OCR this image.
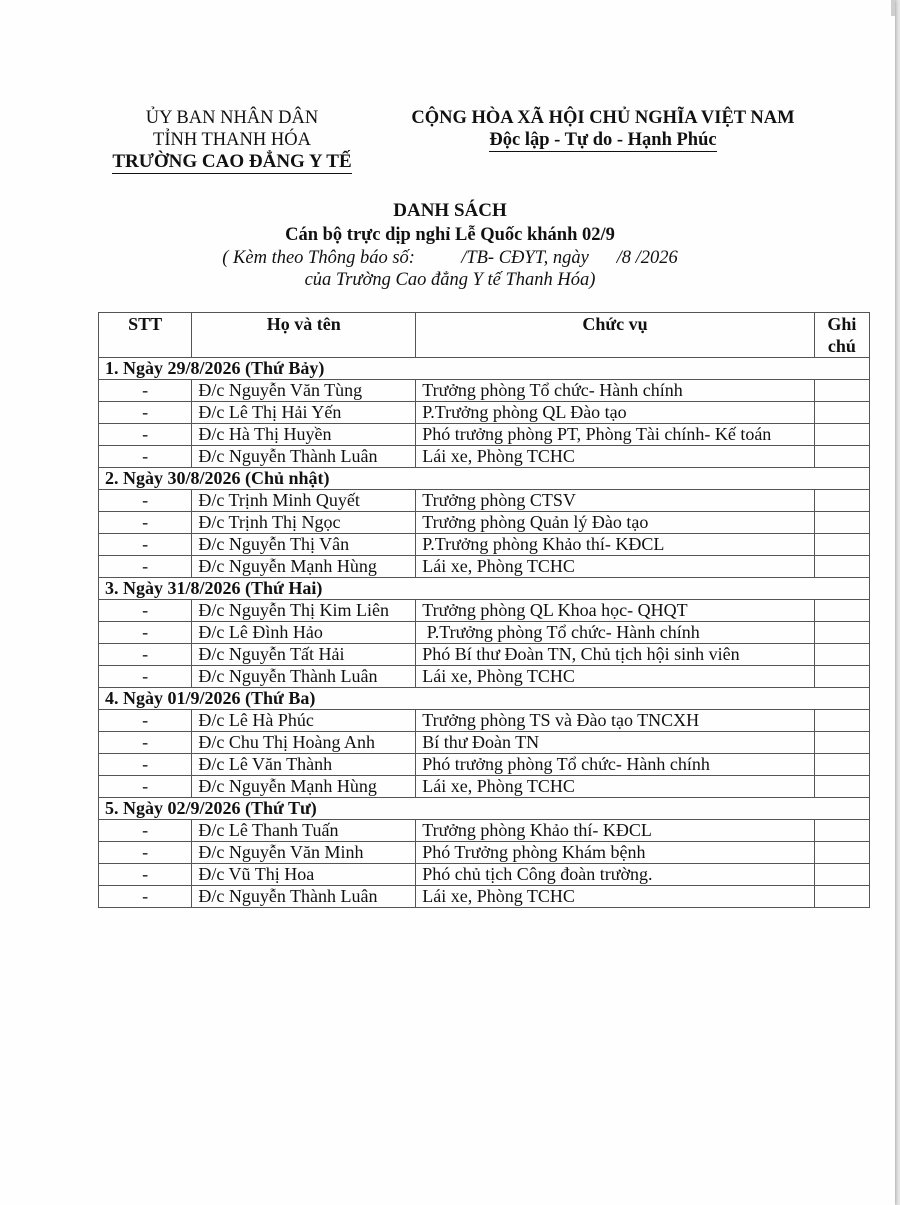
ỦY BAN NHÂN DÂN
TỈNH THANH HÓA
TRƯỜNG CAO ĐẲNG Y TẾ
CỘNG HÒA XÃ HỘI CHỦ NGHĨA VIỆT NAM
Độc lập - Tự do - Hạnh Phúc
DANH SÁCH
Cán bộ trực dịp nghỉ Lễ Quốc khánh 02/9
( Kèm theo Thông báo số:          /TB- CĐYT, ngày      /8 /2026
của Trường Cao đẳng Y tế Thanh Hóa)
STT	Họ và tên	Chức vụ	Ghi chú
1. Ngày 29/8/2026 (Thứ Bảy)			
-	Đ/c Nguyễn Văn Tùng	Trưởng phòng Tổ chức- Hành chính	
-	Đ/c Lê Thị Hải Yến	P.Trưởng phòng QL Đào tạo	
-	Đ/c Hà Thị Huyền	Phó trưởng phòng PT, Phòng Tài chính- Kế toán	
-	Đ/c Nguyễn Thành Luân	Lái xe, Phòng TCHC	
2. Ngày 30/8/2026 (Chủ nhật)			
-	Đ/c Trịnh Minh Quyết	Trưởng phòng CTSV	
-	Đ/c Trịnh Thị Ngọc	Trưởng phòng Quản lý Đào tạo	
-	Đ/c Nguyễn Thị Vân	P.Trưởng phòng Khảo thí- KĐCL	
-	Đ/c Nguyễn Mạnh Hùng	Lái xe, Phòng TCHC	
3. Ngày 31/8/2026 (Thứ Hai)			
-	Đ/c Nguyễn Thị Kim Liên	Trưởng phòng QL Khoa học- QHQT	
-	Đ/c Lê Đình Hảo	P.Trưởng phòng Tổ chức- Hành chính	
-	Đ/c Nguyễn Tất Hải	Phó Bí thư Đoàn TN, Chủ tịch hội sinh viên	
-	Đ/c Nguyễn Thành Luân	Lái xe, Phòng TCHC	
4. Ngày 01/9/2026 (Thứ Ba)			
-	Đ/c Lê Hà Phúc	Trưởng phòng TS và Đào tạo TNCXH	
-	Đ/c Chu Thị Hoàng Anh	Bí thư Đoàn TN	
-	Đ/c Lê Văn Thành	Phó trưởng phòng Tổ chức- Hành chính	
-	Đ/c Nguyễn Mạnh Hùng	Lái xe, Phòng TCHC	
5. Ngày 02/9/2026 (Thứ Tư)			
-	Đ/c Lê Thanh Tuấn	Trưởng phòng Khảo thí- KĐCL	
-	Đ/c Nguyễn Văn Minh	Phó Trưởng phòng Khám bệnh	
-	Đ/c Vũ Thị Hoa	Phó chủ tịch Công đoàn trường.	
-	Đ/c Nguyễn Thành Luân	Lái xe, Phòng TCHC	
